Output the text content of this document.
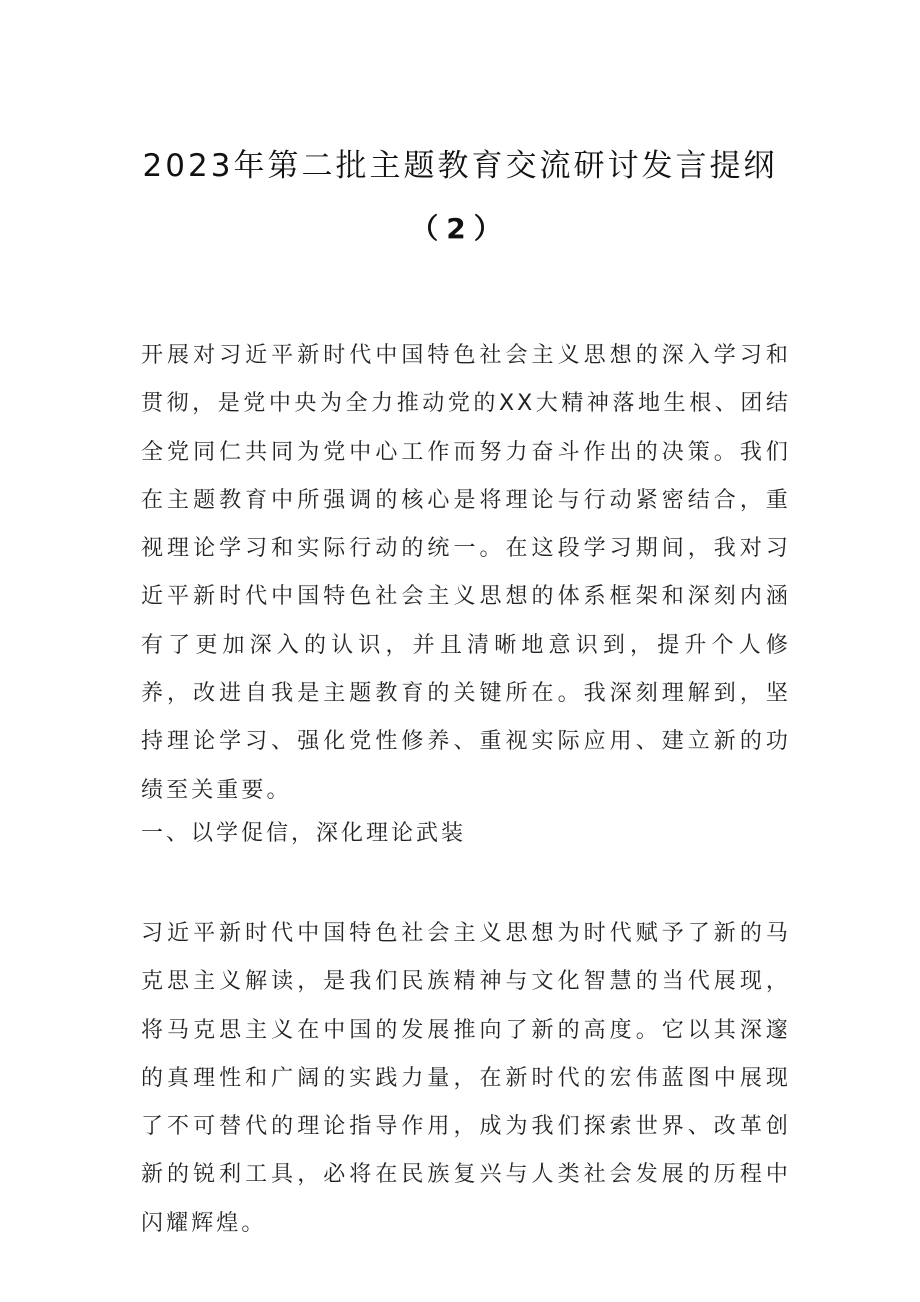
2023年第二批主题教育交流研讨发言提纲
（2）

开展对习近平新时代中国特色社会主义思想的深入学习和贯彻，是党中央为全力推动党的XX大精神落地生根、团结全党同仁共同为党中心工作而努力奋斗作出的决策。我们在主题教育中所强调的核心是将理论与行动紧密结合，重视理论学习和实际行动的统一。在这段学习期间，我对习近平新时代中国特色社会主义思想的体系框架和深刻内涵有了更加深入的认识，并且清晰地意识到，提升个人修养，改进自我是主题教育的关键所在。我深刻理解到，坚持理论学习、强化党性修养、重视实际应用、建立新的功绩至关重要。

一、以学促信，深化理论武装

习近平新时代中国特色社会主义思想为时代赋予了新的马克思主义解读，是我们民族精神与文化智慧的当代展现，将马克思主义在中国的发展推向了新的高度。它以其深邃的真理性和广阔的实践力量，在新时代的宏伟蓝图中展现了不可替代的理论指导作用，成为我们探索世界、改革创新的锐利工具，必将在民族复兴与人类社会发展的历程中闪耀辉煌。
